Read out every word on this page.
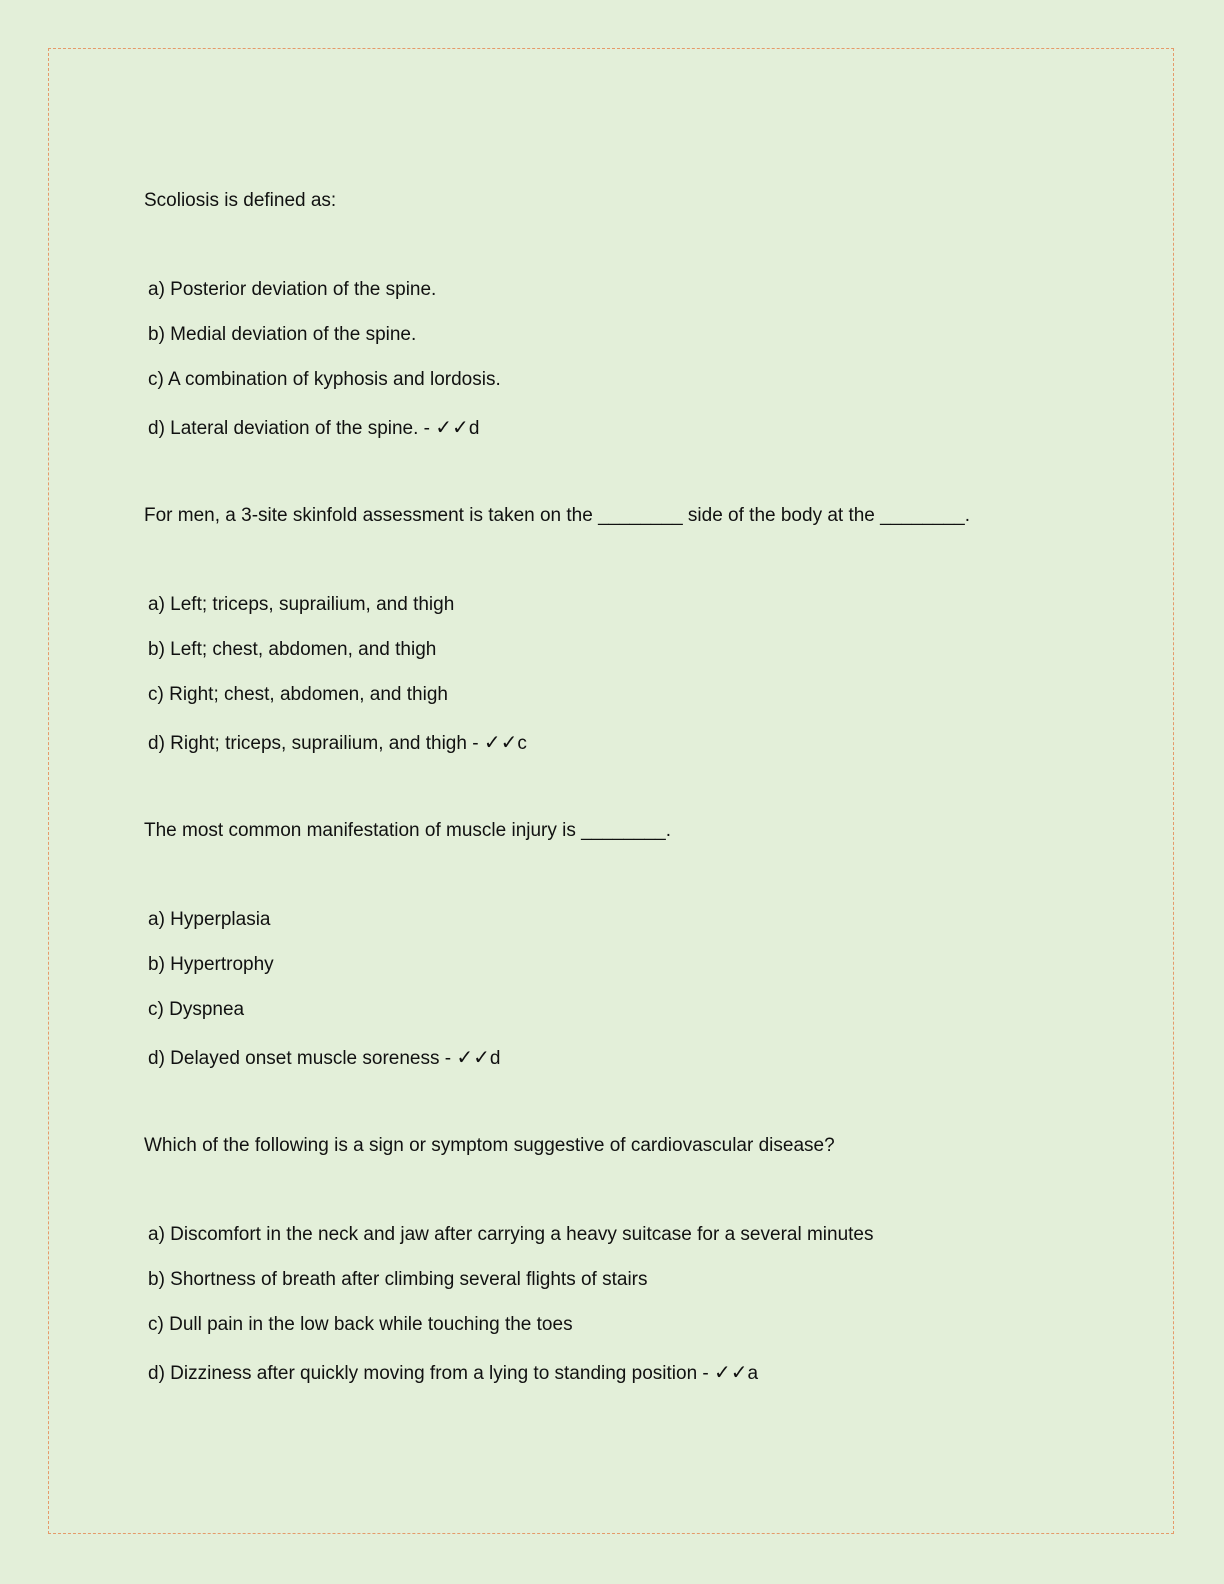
Scoliosis is defined as:

a) Posterior deviation of the spine.

b) Medial deviation of the spine.

c) A combination of kyphosis and lordosis.

d) Lateral deviation of the spine. - ✓✓d

For men, a 3-site skinfold assessment is taken on the ________ side of the body at the ________.

a) Left; triceps, suprailium, and thigh

b) Left; chest, abdomen, and thigh

c) Right; chest, abdomen, and thigh

d) Right; triceps, suprailium, and thigh - ✓✓c

The most common manifestation of muscle injury is ________.

a) Hyperplasia

b) Hypertrophy

c) Dyspnea

d) Delayed onset muscle soreness - ✓✓d

Which of the following is a sign or symptom suggestive of cardiovascular disease?

a) Discomfort in the neck and jaw after carrying a heavy suitcase for a several minutes

b) Shortness of breath after climbing several flights of stairs

c) Dull pain in the low back while touching the toes

d) Dizziness after quickly moving from a lying to standing position - ✓✓a
